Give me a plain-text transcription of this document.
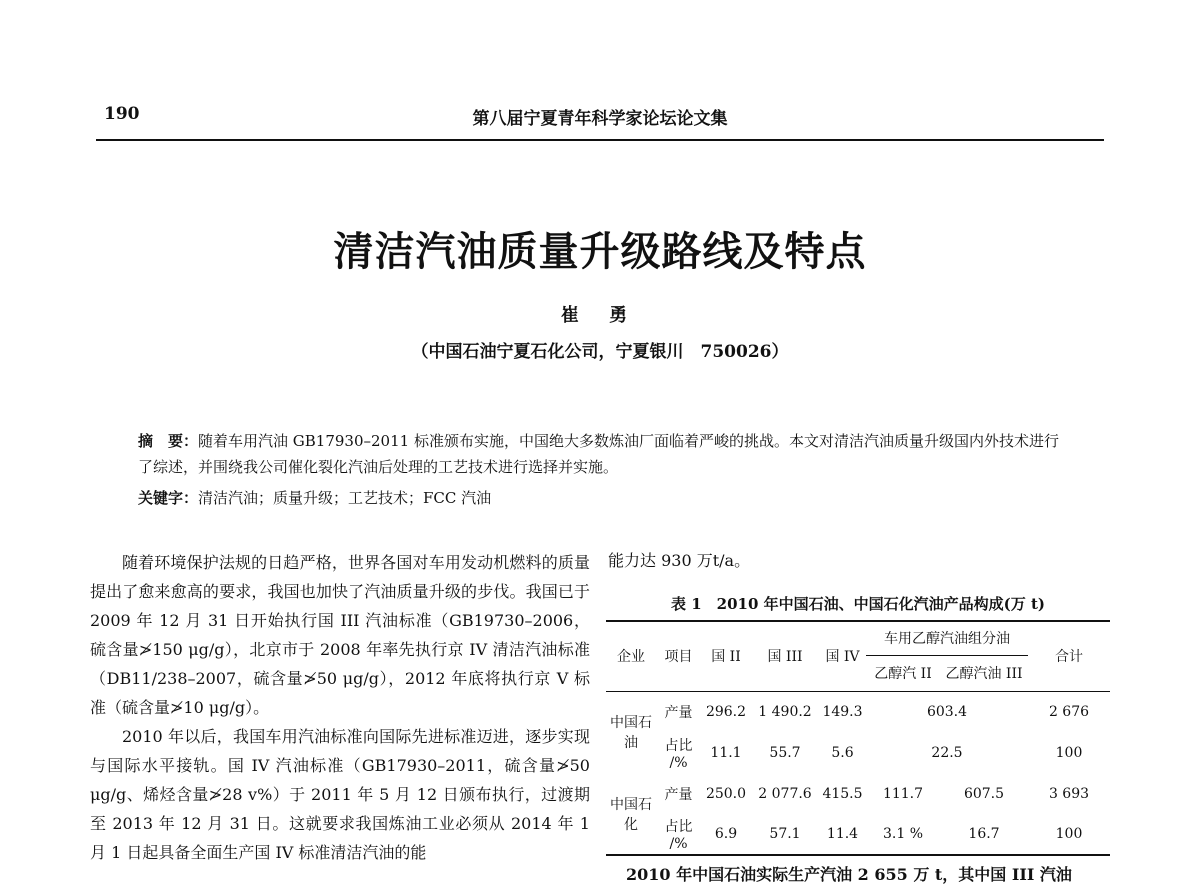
190	第八届宁夏青年科学家论坛论文集
清洁汽油质量升级路线及特点
崔 勇
（中国石油宁夏石化公司，宁夏银川　750026）
摘　要：随着车用汽油 GB17930–2011 标准颁布实施，中国绝大多数炼油厂面临着严峻的挑战。本文对清洁汽油质量升级国内外技术进行了综述，并围绕我公司催化裂化汽油后处理的工艺技术进行选择并实施。
关键字：清洁汽油；质量升级；工艺技术；FCC 汽油

随着环境保护法规的日趋严格，世界各国对车用发动机燃料的质量提出了愈来愈高的要求，我国也加快了汽油质量升级的步伐。我国已于 2009 年 12 月 31 日开始执行国 III 汽油标准（GB19730–2006，硫含量≯150 μg/g），北京市于 2008 年率先执行京 IV 清洁汽油标准（DB11/238–2007，硫含量≯50 μg/g），2012 年底将执行京 V 标准（硫含量≯10 μg/g）。

2010 年以后，我国车用汽油标准向国际先进标准迈进，逐步实现与国际水平接轨。国 IV 汽油标准（GB17930–2011，硫含量≯50 μg/g、烯烃含量≯28 v%）于 2011 年 5 月 12 日颁布执行，过渡期至 2013 年 12 月 31 日。这就要求我国炼油工业必须从 2014 年 1 月 1 日起具备全面生产国 IV 标准清洁汽油的能

能力达 930 万t/a。
表 1　2010 年中国石油、中国石化汽油产品构成(万 t)
企业	项目	国 II	国 III	国 IV	车用乙醇汽油组分油		合计
					乙醇汽 II	乙醇汽油 III	
中国石油	产量	296.2	1 490.2	149.3	603.4		2 676
	占比 /%	11.1	55.7	5.6	22.5		100
中国石化	产量	250.0	2 077.6	415.5	111.7	607.5	3 693
	占比 /%	6.9	57.1	11.4	3.1 %	16.7	100
2010 年中国石油实际生产汽油 2 655 万 t，其中国 III 汽油
